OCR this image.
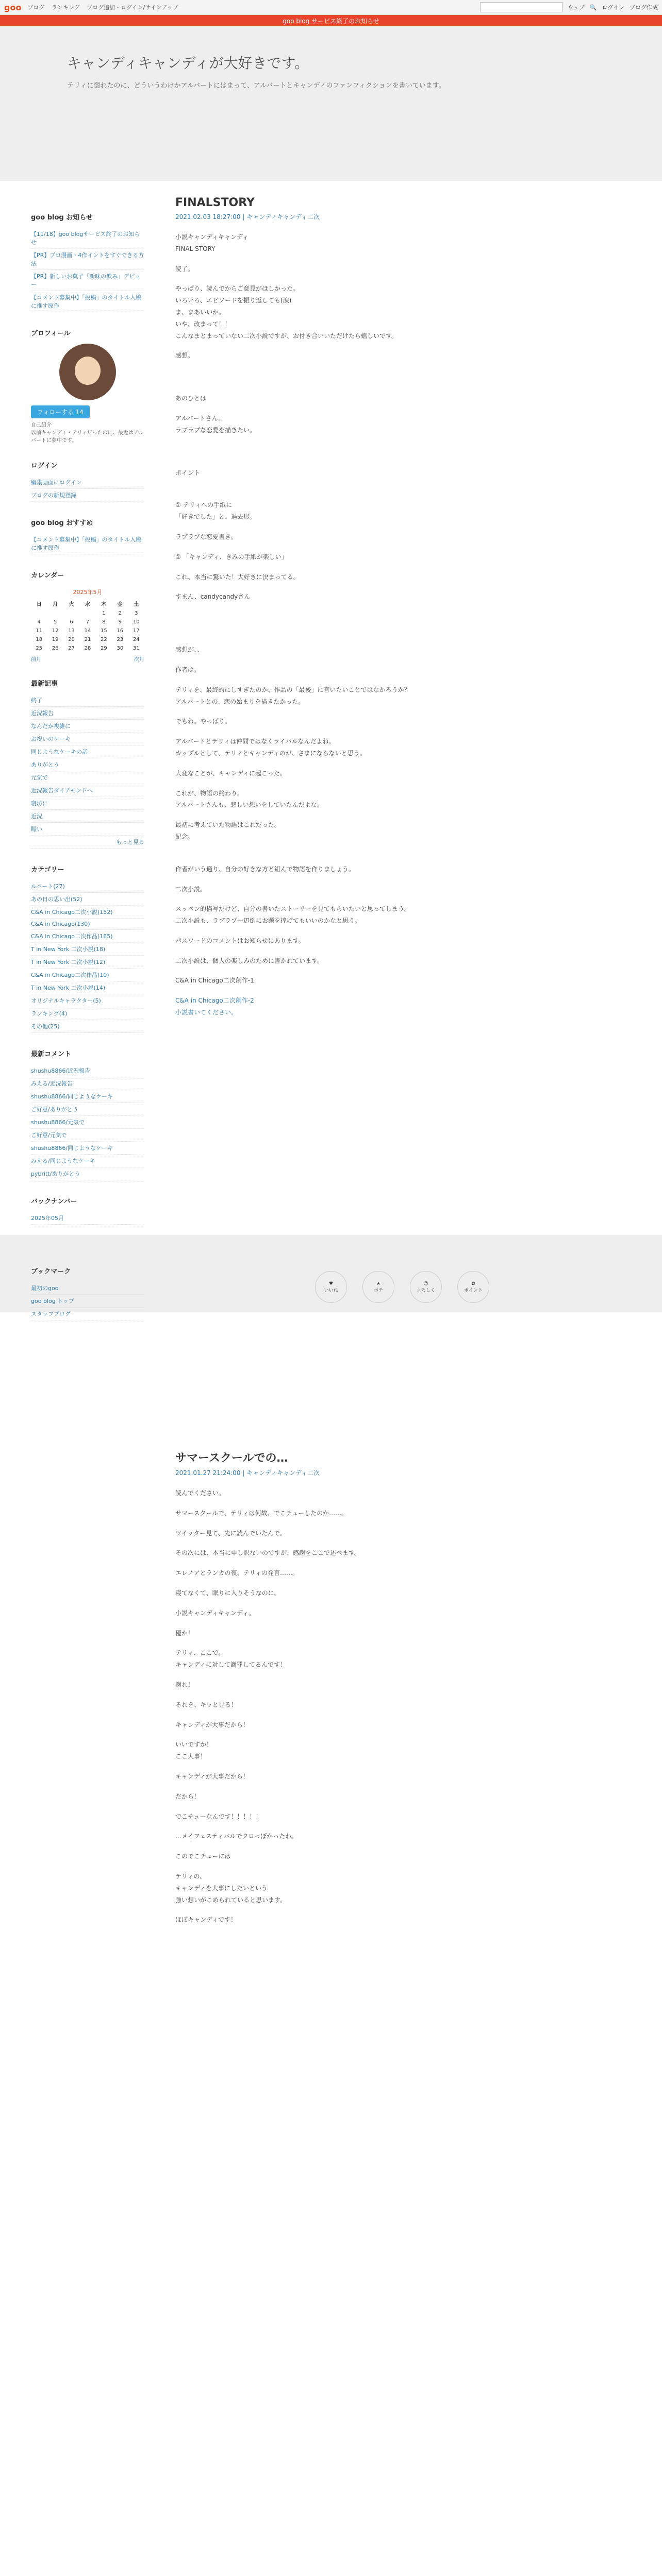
goo ブログ ランキング ブログ追加・ログイン/サインアップ	ウェブ 🔍 ログイン ブログ作成
goo blog サービス終了のお知らせ
キャンディキャンディが大好きです。

テリィに惚れたのに、どういうわけかアルバートにはまって、アルバートとキャンディのファンフィクションを書いています。

goo blog お知らせ
【11/18】goo blogサービス終了のお知らせ
【PR】プロ漫画・4作イントをすぐできる方法
【PR】新しいお菓子「新味の飲み」デビュー
【コメント募集中】「投稿」のタイトル入稿に推す原作
プロフィール
フォローする 14
自己紹介
以前キャンディ・テリィだったのに、最近はアルバートに夢中です。
ログイン
編集画面にログイン
ブログの新規登録
goo blog おすすめ
【コメント募集中】「投稿」のタイトル入稿に推す原作
カレンダー
2025年5月
日	月	火	水	木	金	土
				1	2	3
4	5	6	7	8	9	10
11	12	13	14	15	16	17
18	19	20	21	22	23	24
25	26	27	28	29	30	31
前月	次月
最新記事
終了
近況報告
なんだか複雑に
お祝いのケーキ
同じようなケーキの話
ありがとう
元気で
近況報告ダイアモンドへ
寝坊に
近況
賑い
もっと見る
カテゴリー
ルバート(27)
あの日の思い出(52)
C&A in Chicago二次小説(152)
C&A in Chicago(130)
C&A in Chicago二次作品(185)
T in New York 二次小説(18)
T in New York 二次小説(12)
C&A in Chicago二次作品(10)
T in New York 二次小説(14)
オリジナルキャラクター(5)
ランキング(4)
その他(25)
最新コメント
shushu8866/近況報告
みえる/近況報告
shushu8866/同じようなケーキ
ご好意/ありがとう
shushu8866/元気で
ご好意/元気で
shushu8866/同じようなケーキ
みえる/同じようなケーキ
pybritt/ありがとう
バックナンバー
2025年05月
FINALSTORY
2021.02.03 18:27:00 | キャンディキャンディ二次

小説キャンディキャンディ
FINAL STORY

読了。

やっぱり、読んでからご意見がほしかった。
いろいろ、エピソードを振り返しても(涙)
ま、まあいいか。
いや、改まって！！
こんなまとまっていない二次小説ですが、お付き合いいただけたら嬉しいです。

感想。

あのひとは

アルバートさん。
ラブラブな恋愛を描きたい。

ポイント

① テリィへの手紙に
「好きでした」と、過去形。

ラブラブな恋愛書き。

① 「キャンディ、きみの手紙が楽しい」

これ、本当に驚いた！大好きに決まってる。

すまん、candycandyさん

感想が、、

作者は。

テリィを、最終的にしすぎたのか、作品の「最後」に言いたいことではなかろうか？
アルバートとの、恋の始まりを描きたかった。

でもね。やっぱり。

アルバートとテリィは仲間ではなくライバルなんだよね。
カップルとして、テリィとキャンディのが、さまにならないと思う。

大変なことが、キャンディに起こった。

これが、物語の終わり。
アルバートさんも、悲しい想いをしていたんだよな。

最初に考えていた物語はこれだった。
紀念。

作者がいう通り、自分の好きな方と組んで物語を作りましょう。

二次小説。

スッペン的描写だけど、自分の書いたストーリーを見てもらいたいと思ってしまう。
二次小説も、ラブラブ一辺倒にお題を捧げてもいいのかなと思う。

パスワードのコメントはお知らせにあります。

二次小説は、個人の楽しみのために書かれています。

C&A in Chicago二次創作-1

C&A in Chicago二次創作-2
小説書いてください。

ブックマーク
最初のgoo
goo blog トップ
スタッフブログ
♥
いいね
★
ポチ
☺
よろしく
✿
ポイント
サマースクールでの…
2021.01.27 21:24:00 | キャンディキャンディ二次

読んでください。

サマースクールで、テリィは何故、でこチューしたのか……。

ツイッター見て、先に読んでいたんで。

その次には、本当に申し訳ないのですが、感謝をここで述べます。

エレノアとランカの夜、テリィの発言……。

寝てなくて、眠りに入りそうなのに。

小説キャンディキャンディ。

優か！

テリィ、ここで。
キャンディに対して謝罪してるんです！

謝れ！

それを、キッと見る！

キャンディが大事だから！

いいですか！
ここ大事！

キャンディが大事だから！

だから！

でこチューなんです！！！！！

…メイフェスティバルでクロっぽかったわ。

このでこチューには

テリィの、
キャンディを大事にしたいという
強い想いがこめられていると思います。

ほぼキャンディです！
